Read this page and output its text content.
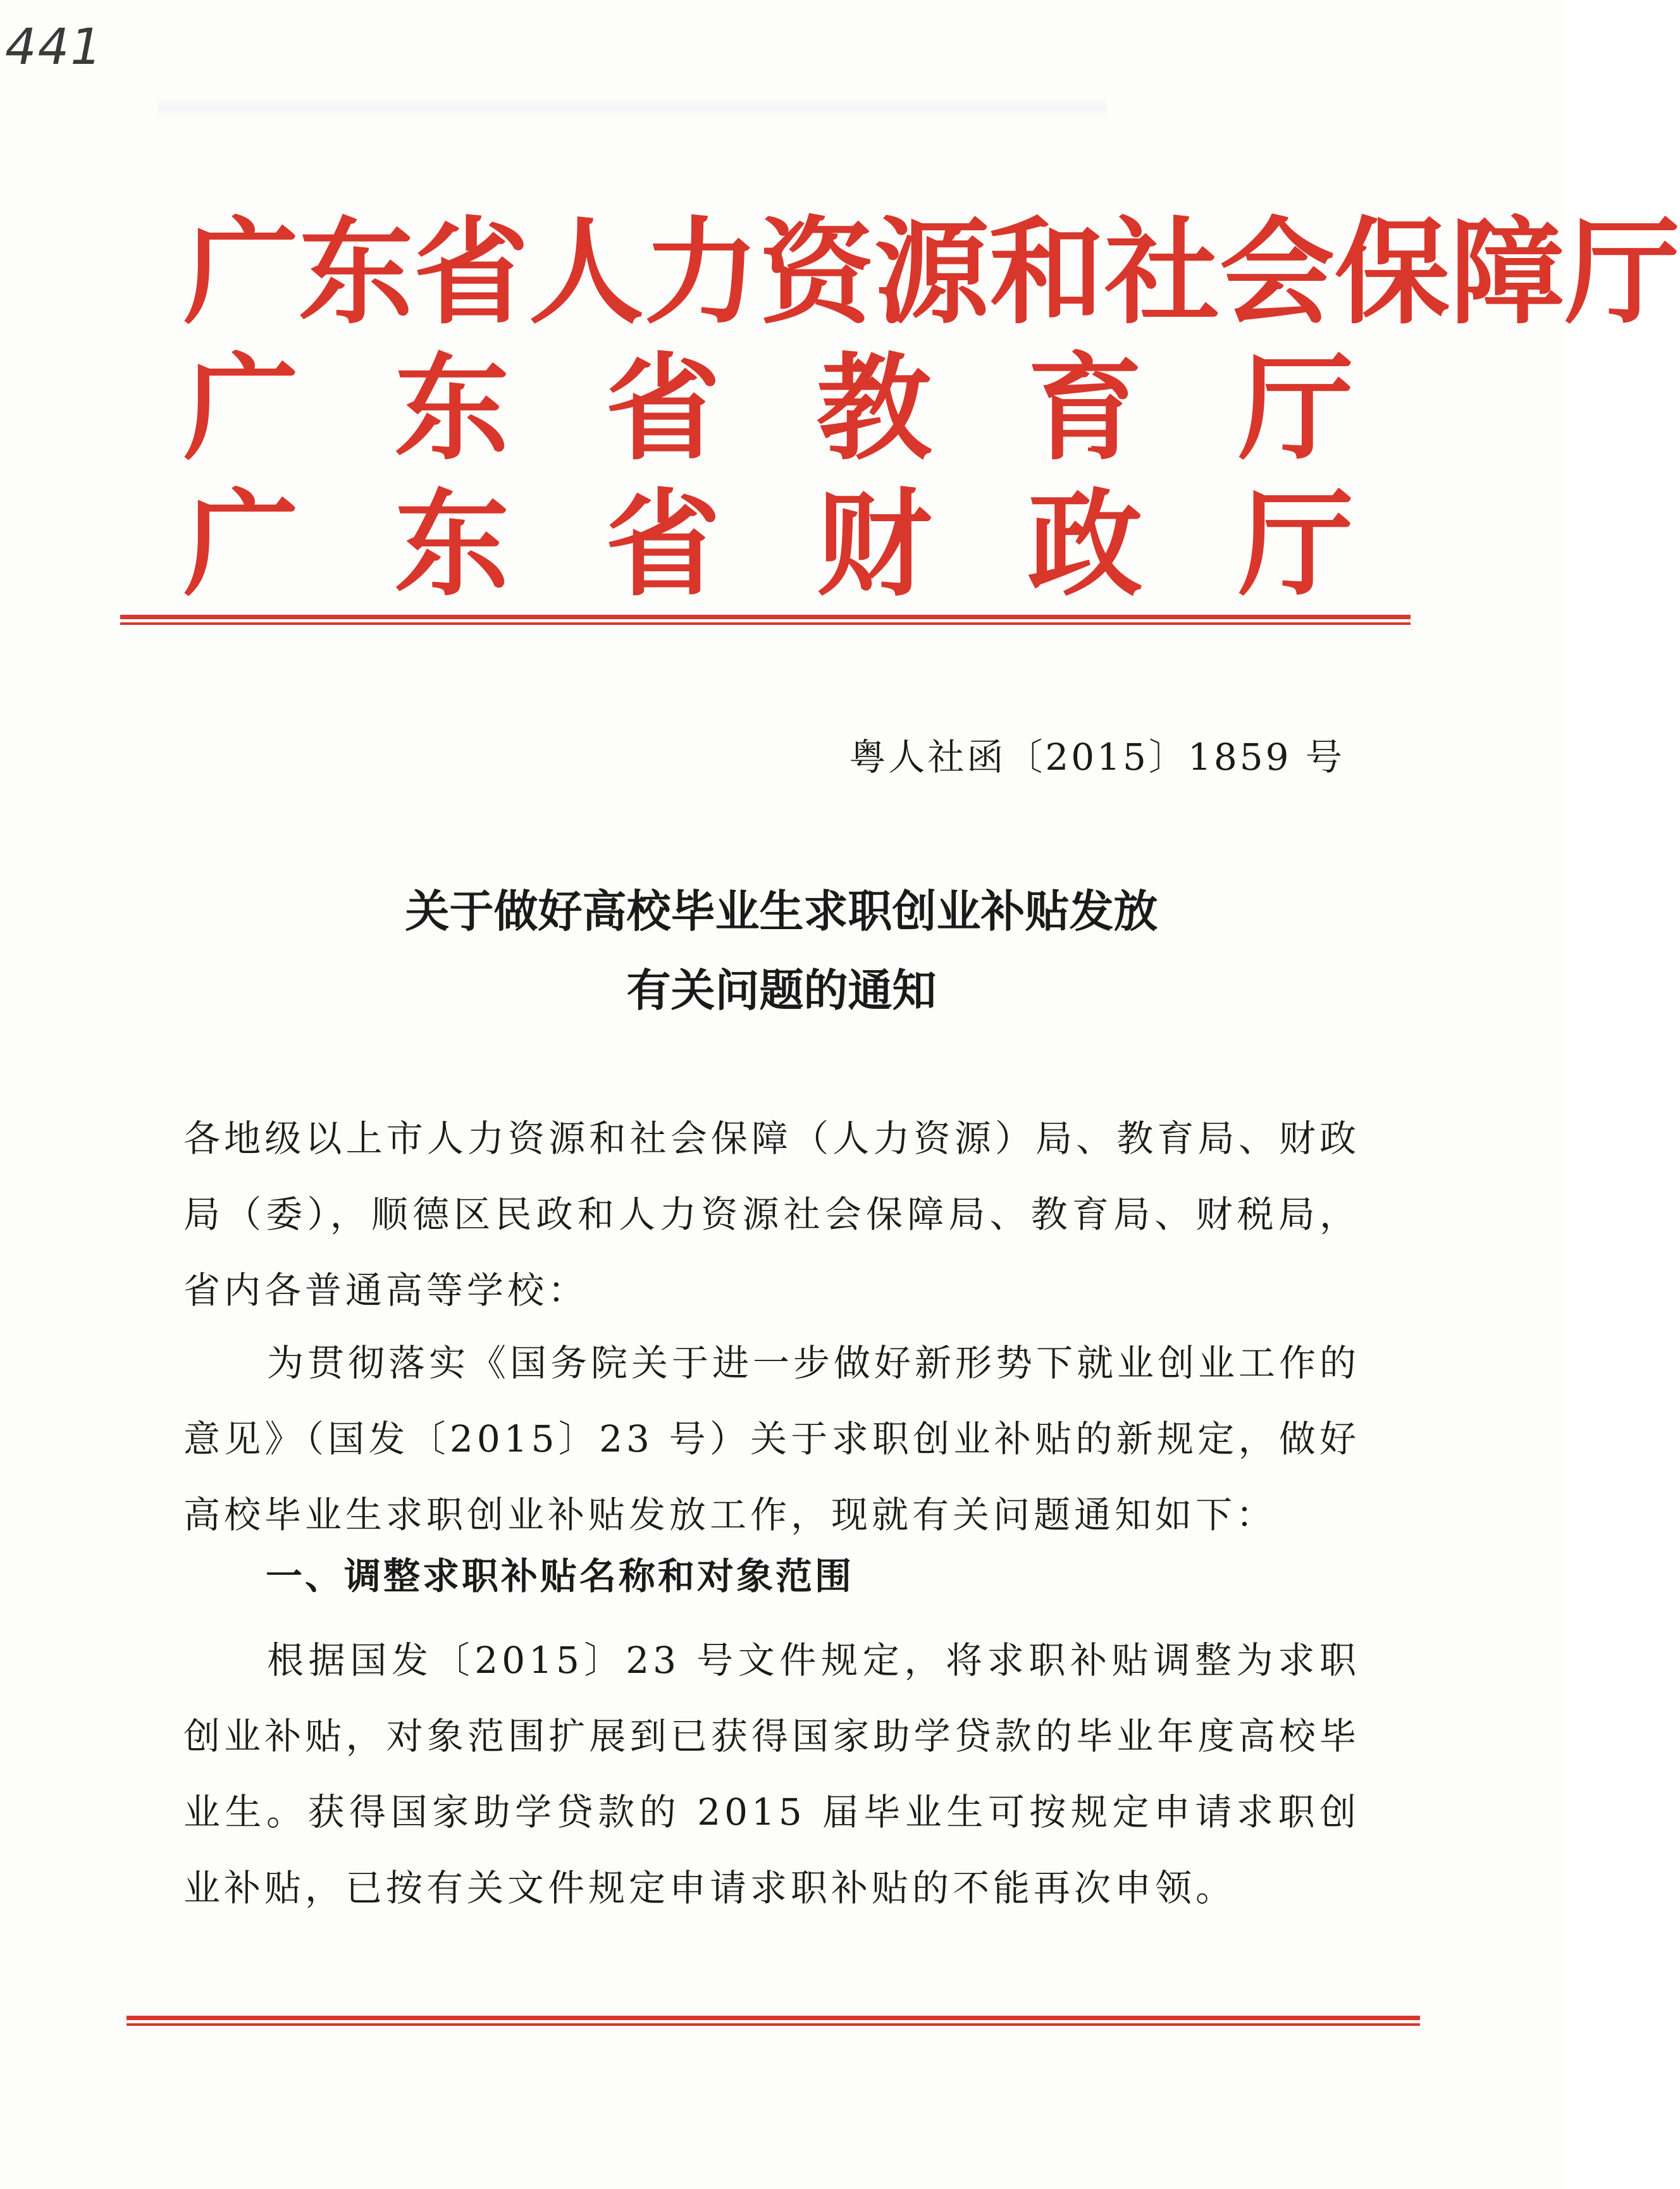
441
广 东 省 人 力 资 源 和 社 会 保 障 厅
广 东 省 教 育 厅
广 东 省 财 政 厅
粤人社函〔2015〕1859 号
关于做好高校毕业生求职创业补贴发放
有关问题的通知
各地级以上市人力资源和社会保障（人力资源）局、教育局、财政局（委），顺德区民政和人力资源社会保障局、教育局、财税局，省内各普通高等学校：
为贯彻落实《国务院关于进一步做好新形势下就业创业工作的意见》（国发〔2015〕23 号）关于求职创业补贴的新规定，做好高校毕业生求职创业补贴发放工作，现就有关问题通知如下：
一、调整求职补贴名称和对象范围
根据国发〔2015〕23 号文件规定，将求职补贴调整为求职创业补贴，对象范围扩展到已获得国家助学贷款的毕业年度高校毕业生。获得国家助学贷款的 2015 届毕业生可按规定申请求职创业补贴，已按有关文件规定申请求职补贴的不能再次申领。
